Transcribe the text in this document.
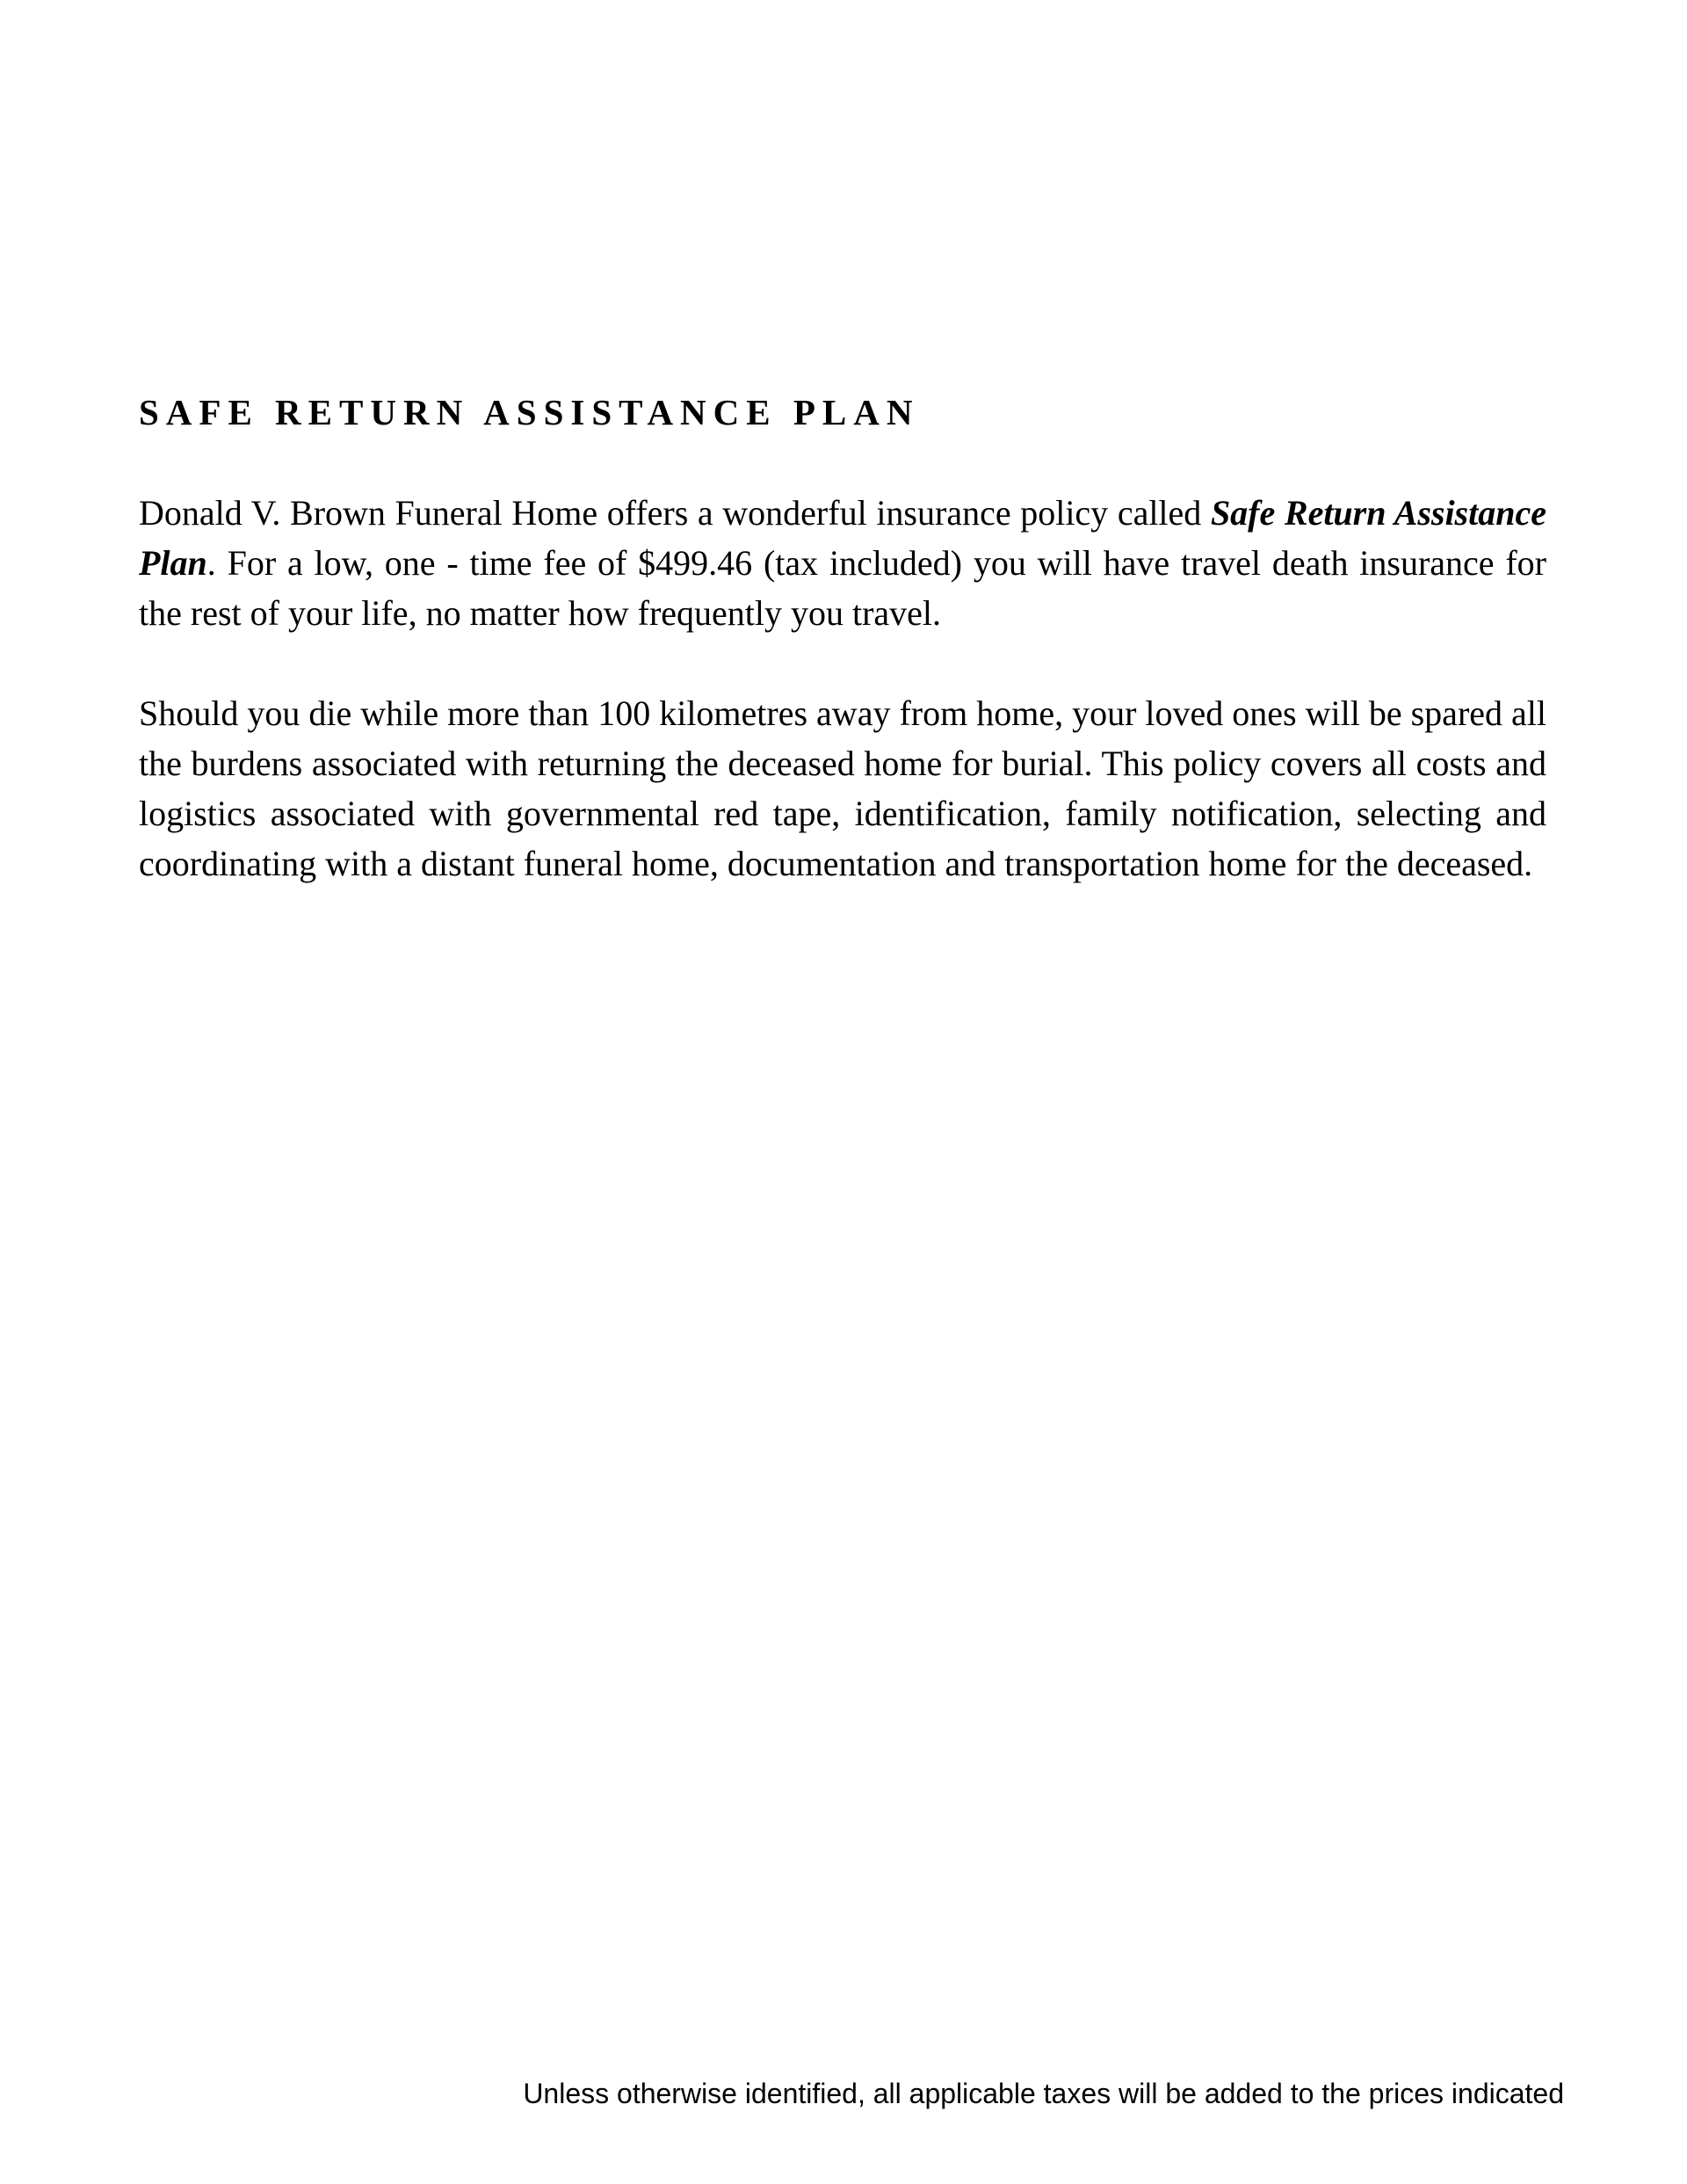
SAFE RETURN ASSISTANCE PLAN

Donald V. Brown Funeral Home offers a wonderful insurance policy called Safe Return Assistance Plan. For a low, one - time fee of $499.46 (tax included) you will have travel death insurance for the rest of your life, no matter how frequently you travel.

Should you die while more than 100 kilometres away from home, your loved ones will be spared all the burdens associated with returning the deceased home for burial. This policy covers all costs and logistics associated with governmental red tape, identification, family notification, selecting and coordinating with a distant funeral home, documentation and transportation home for the deceased.

Unless otherwise identified, all applicable taxes will be added to the prices indicated
